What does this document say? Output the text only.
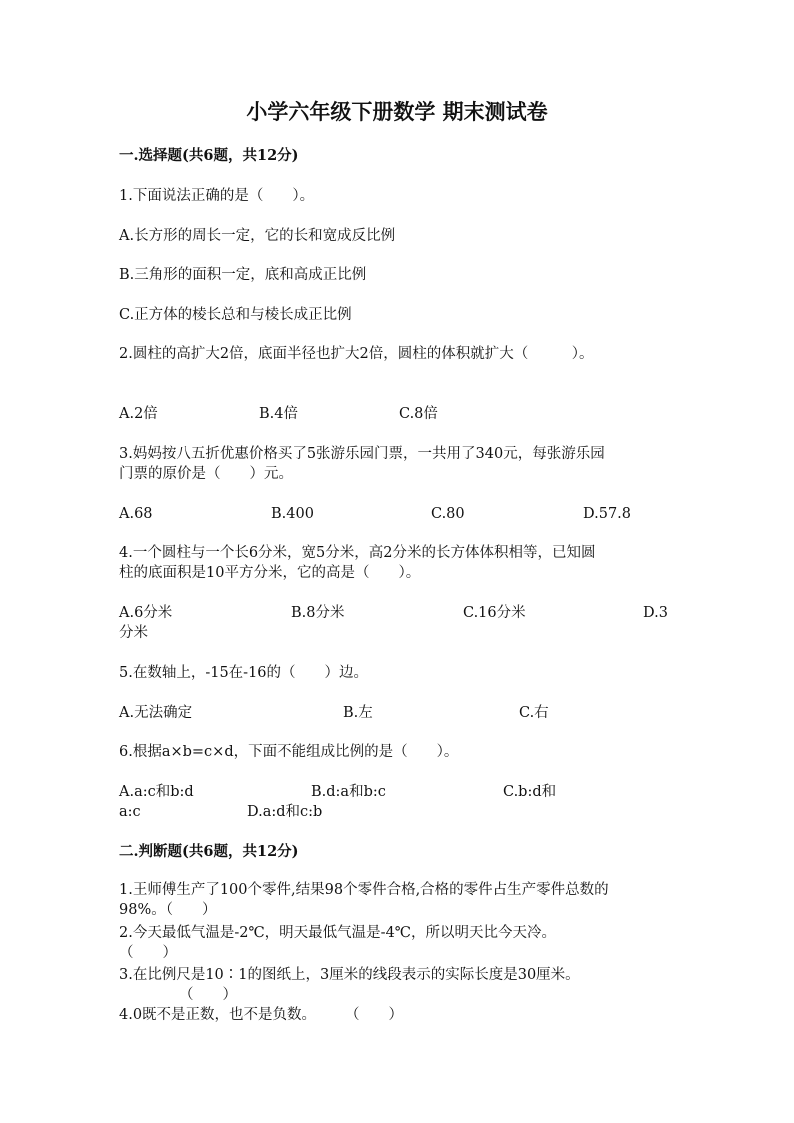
小学六年级下册数学 期末测试卷
一.选择题(共6题，共12分)
1.下面说法正确的是（　　）。
A.长方形的周长一定，它的长和宽成反比例
B.三角形的面积一定，底和高成正比例
C.正方体的棱长总和与棱长成正比例
2.圆柱的高扩大2倍，底面半径也扩大2倍，圆柱的体积就扩大（　　　）。
A.2倍	B.4倍	C.8倍
3.妈妈按八五折优惠价格买了5张游乐园门票，一共用了340元，每张游乐园
门票的原价是（　　）元。
A.68	B.400	C.80	D.57.8
4.一个圆柱与一个长6分米，宽5分米，高2分米的长方体体积相等，已知圆
柱的底面积是10平方分米，它的高是（　　）。
A.6分米	B.8分米	C.16分米	D.3
分米
5.在数轴上，-15在-16的（　　）边。
A.无法确定	B.左	C.右
6.根据a×b=c×d，下面不能组成比例的是（　　）。
A.a:c和b:d	B.d:a和b:c	C.b:d和
a:c	D.a:d和c:b
二.判断题(共6题，共12分)
1.王师傅生产了100个零件,结果98个零件合格,合格的零件占生产零件总数的
98%。（　　）
2.今天最低气温是-2℃，明天最低气温是-4℃，所以明天比今天冷。
（　　）
3.在比例尺是10∶1的图纸上，3厘米的线段表示的实际长度是30厘米。
（　　）
4.0既不是正数，也不是负数。　　　（　　）
